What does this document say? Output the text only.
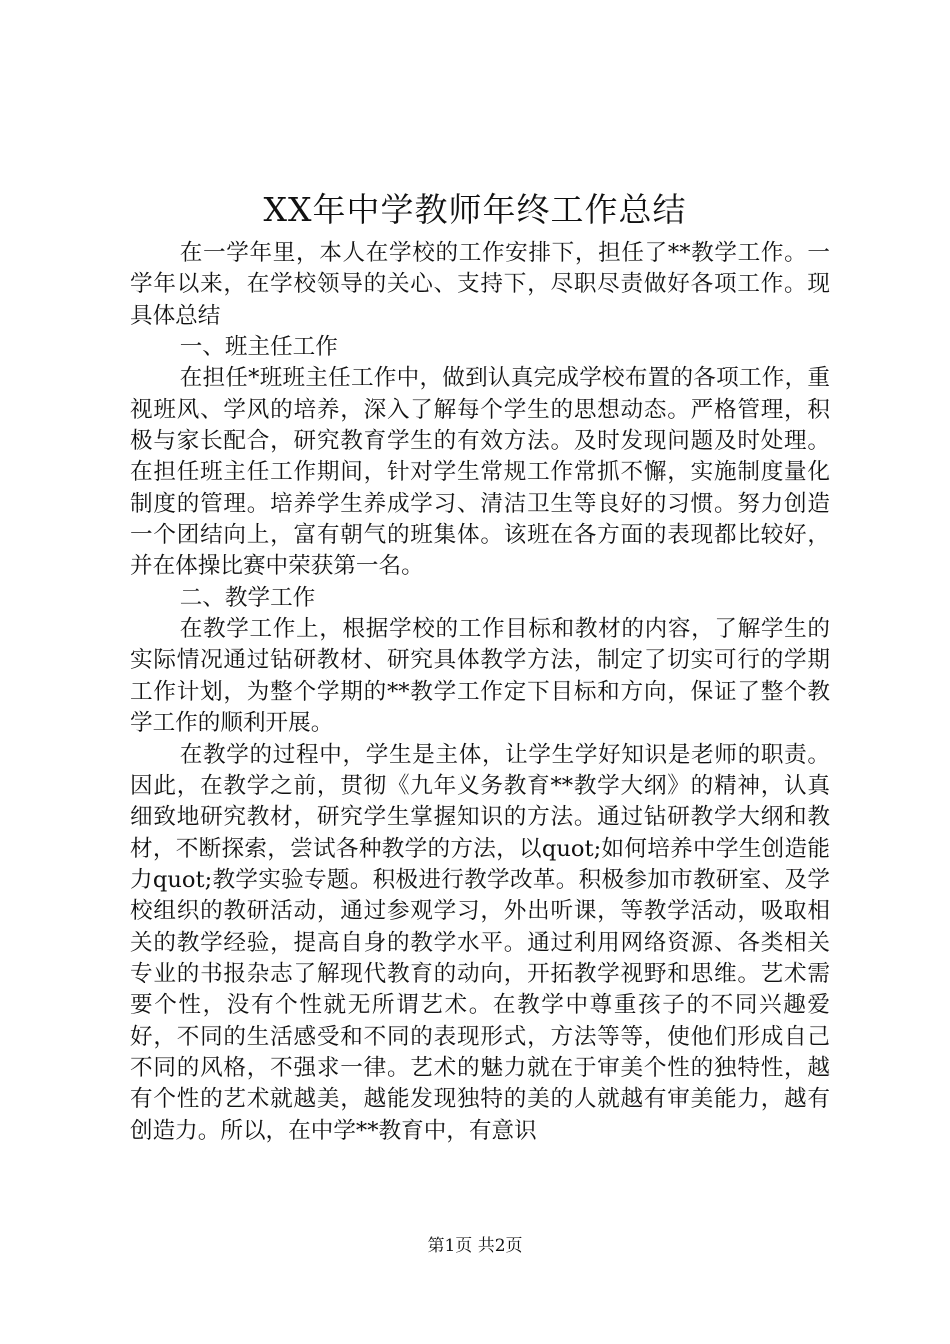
XX年中学教师年终工作总结

在一学年里，本人在学校的工作安排下，担任了**教学工作。一学年以来，在学校领导的关心、支持下，尽职尽责做好各项工作。现具体总结

一、班主任工作

在担任*班班主任工作中，做到认真完成学校布置的各项工作，重视班风、学风的培养，深入了解每个学生的思想动态。严格管理，积极与家长配合，研究教育学生的有效方法。及时发现问题及时处理。在担任班主任工作期间，针对学生常规工作常抓不懈，实施制度量化制度的管理。培养学生养成学习、清洁卫生等良好的习惯。努力创造一个团结向上，富有朝气的班集体。该班在各方面的表现都比较好，并在体操比赛中荣获第一名。

二、教学工作

在教学工作上，根据学校的工作目标和教材的内容，了解学生的实际情况通过钻研教材、研究具体教学方法，制定了切实可行的学期工作计划，为整个学期的**教学工作定下目标和方向，保证了整个教学工作的顺利开展。

在教学的过程中，学生是主体，让学生学好知识是老师的职责。因此，在教学之前，贯彻《九年义务教育**教学大纲》的精神，认真细致地研究教材，研究学生掌握知识的方法。通过钻研教学大纲和教材，不断探索，尝试各种教学的方法，以quot;如何培养中学生创造能力quot;教学实验专题。积极进行教学改革。积极参加市教研室、及学校组织的教研活动，通过参观学习，外出听课，等教学活动，吸取相关的教学经验，提高自身的教学水平。通过利用网络资源、各类相关专业的书报杂志了解现代教育的动向，开拓教学视野和思维。艺术需要个性，没有个性就无所谓艺术。在教学中尊重孩子的不同兴趣爱好，不同的生活感受和不同的表现形式，方法等等，使他们形成自己不同的风格，不强求一律。艺术的魅力就在于审美个性的独特性，越有个性的艺术就越美，越能发现独特的美的人就越有审美能力，越有创造力。所以，在中学**教育中，有意识

第1页 共2页
